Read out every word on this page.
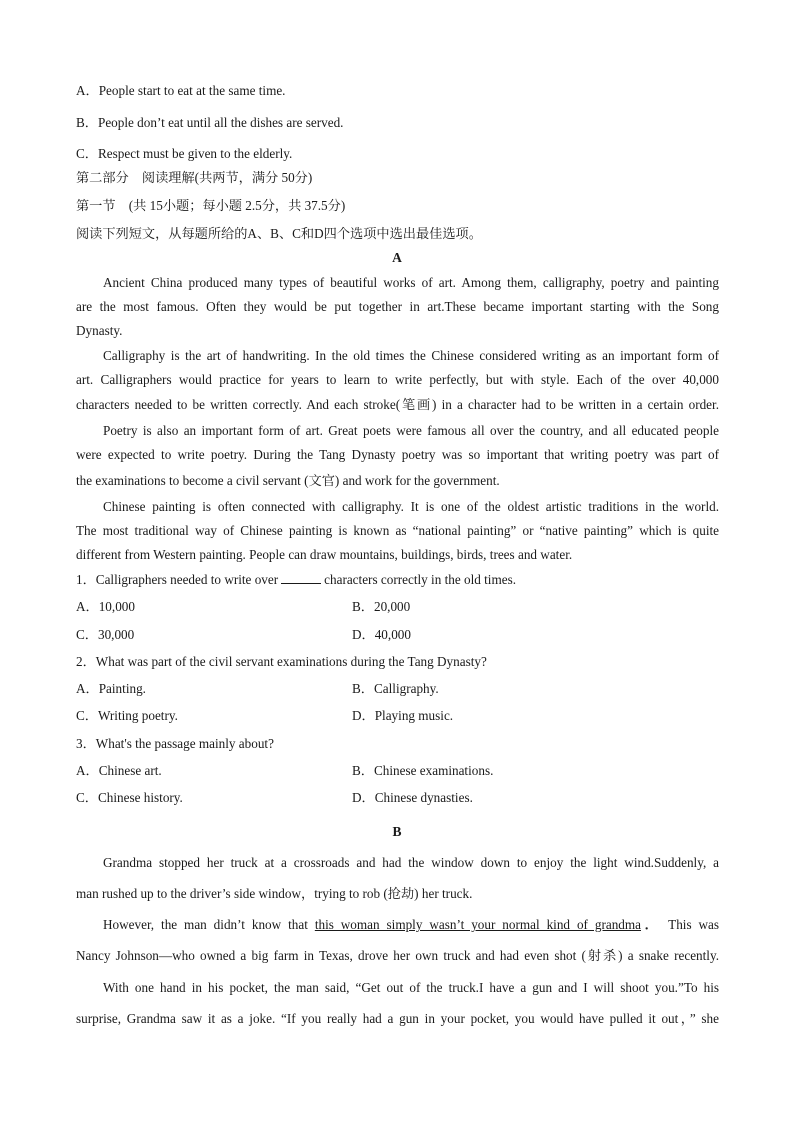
A．People start to eat at the same time.
B．People don’t eat until all the dishes are served.
C．Respect must be given to the elderly.
第二部分　阅读理解(共两节，满分 50分)
第一节　(共 15小题；每小题 2.5分，共 37.5分)
阅读下列短文，从每题所给的A、B、C和D四个选项中选出最佳选项。
A
Ancient China produced many types of beautiful works of art. Among them, calligraphy, poetry and painting
are the most famous. Often they would be put together in art.These became important starting with the Song
Dynasty.
Calligraphy is the art of handwriting. In the old times the Chinese considered writing as an important form of
art. Calligraphers would practice for years to learn to write perfectly, but with style. Each of the over 40,000
characters needed to be written correctly. And each stroke(笔画) in a character had to be written in a certain order.
Poetry is also an important form of art. Great poets were famous all over the country, and all educated people
were expected to write poetry. During the Tang Dynasty poetry was so important that writing poetry was part of
the examinations to become a civil servant (文官) and work for the government.
Chinese painting is often connected with calligraphy. It is one of the oldest artistic traditions in the world.
The most traditional way of Chinese painting is known as “national painting” or “native painting” which is quite
different from Western painting. People can draw mountains, buildings, birds, trees and water.
1．Calligraphers needed to write over	characters correctly in the old times.
A．10,000	B．20,000
C．30,000	D．40,000
2．What was part of the civil servant examinations during the Tang Dynasty?
A．Painting.	B．Calligraphy.
C．Writing poetry.	D．Playing music.
3．What's the passage mainly about?
A．Chinese art.	B．Chinese examinations.
C．Chinese history.	D．Chinese dynasties.
B
Grandma stopped her truck at a crossroads and had the window down to enjoy the light wind.Suddenly, a
man rushed up to the driver’s side window，trying to rob (抢劫) her truck.
However, the man didn’t know that this woman simply wasn’t your normal kind of grandma． This was
Nancy Johnson—who owned a big farm in Texas, drove her own truck and had even shot (射杀) a snake recently.
With one hand in his pocket, the man said, “Get out of the truck.I have a gun and I will shoot you.”To his
surprise, Grandma saw it as a joke. “If you really had a gun in your pocket, you would have pulled it out，” she
